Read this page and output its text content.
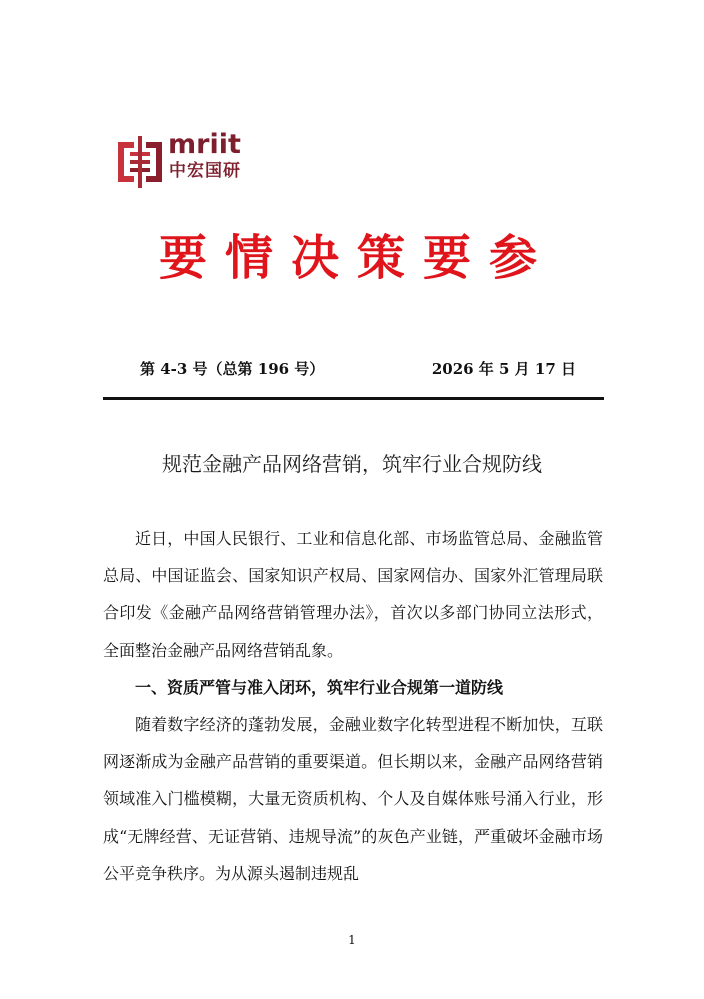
mriit
中宏国研
要情决策要参
第 4-3 号（总第 196 号）	2026 年 5 月 17 日
规范金融产品网络营销，筑牢行业合规防线

近日，中国人民银行、工业和信息化部、市场监管总局、金融监管总局、中国证监会、国家知识产权局、国家网信办、国家外汇管理局联合印发《金融产品网络营销管理办法》，首次以多部门协同立法形式，全面整治金融产品网络营销乱象。

一、资质严管与准入闭环，筑牢行业合规第一道防线

随着数字经济的蓬勃发展，金融业数字化转型进程不断加快，互联网逐渐成为金融产品营销的重要渠道。但长期以来，金融产品网络营销领域准入门槛模糊，大量无资质机构、个人及自媒体账号涌入行业，形成“无牌经营、无证营销、违规导流”的灰色产业链，严重破坏金融市场公平竞争秩序。为从源头遏制违规乱

1
